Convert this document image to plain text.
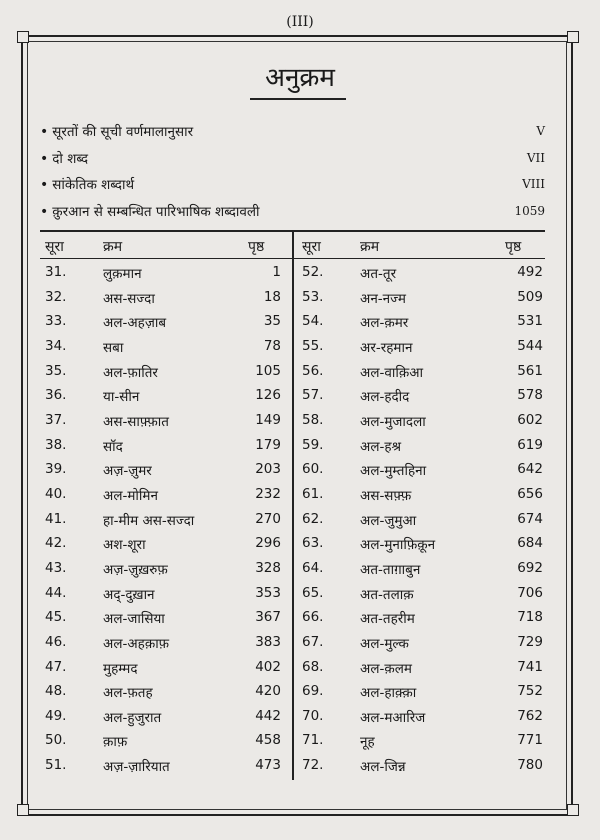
(III)
अनुक्रम
• सूरतों की सूची वर्णमालानुसार	V
• दो शब्द	VII
• सांकेतिक शब्दार्थ	VIII
• क़ुरआन से सम्बन्धित पारिभाषिक शब्दावली	1059
सूरा	क्रम	पृष्ठ	सूरा	क्रम	पृष्ठ
31.	लुक़मान	1 52.	अत-तूर	492
32.	अस-सज्दा	18 53.	अन-नज्म	509
33.	अल-अहज़ाब	35 54.	अल-क़मर	531
34.	सबा	78 55.	अर-रहमान	544
35.	अल-फ़ातिर	105 56.	अल-वाक़िआ	561
36.	या-सीन	126 57.	अल-हदीद	578
37.	अस-साफ़्फ़ात	149 58.	अल-मुजादला	602
38.	सॉद	179 59.	अल-हश्र	619
39.	अज़-ज़ुमर	203 60.	अल-मुम्तहिना	642
40.	अल-मोमिन	232 61.	अस-सफ़्फ़	656
41.	हा-मीम अस-सज्दा	270 62.	अल-जुमुआ	674
42.	अश-शूरा	296 63.	अल-मुनाफ़िक़ून	684
43.	अज़-ज़ुख़रुफ़	328 64.	अत-ताग़ाबुन	692
44.	अद्-दुख़ान	353 65.	अत-तलाक़	706
45.	अल-जासिया	367 66.	अत-तहरीम	718
46.	अल-अहक़ाफ़	383 67.	अल-मुल्क	729
47.	मुहम्मद	402 68.	अल-क़लम	741
48.	अल-फ़तह	420 69.	अल-हाक़्क़ा	752
49.	अल-हुजुरात	442 70.	अल-मआरिज	762
50.	क़ाफ़	458 71.	नूह	771
51.	अज़-ज़ारियात	473 72.	अल-जिन्न	780
